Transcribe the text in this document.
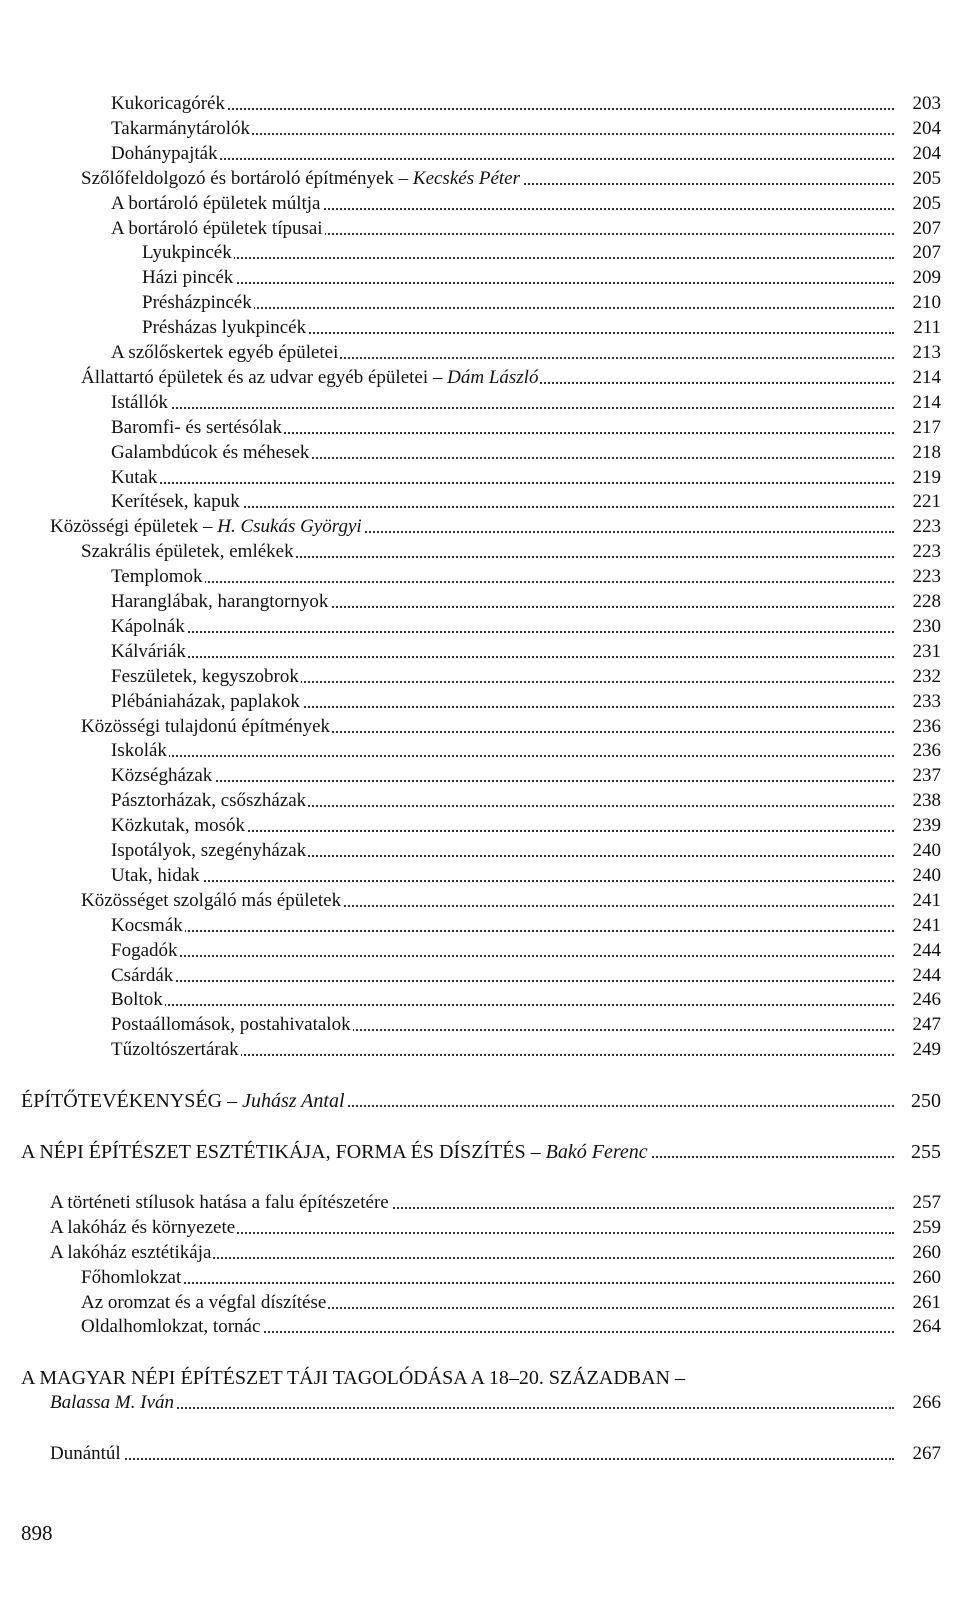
Kukoricagórék	203
Takarmánytárolók	204
Dohánypajták	204
Szőlőfeldolgozó és bortároló építmények – Kecskés Péter	205
A bortároló épületek múltja	205
A bortároló épületek típusai	207
Lyukpincék	207
Házi pincék	209
Présházpincék	210
Présházas lyukpincék	211
A szőlőskertek egyéb épületei	213
Állattartó épületek és az udvar egyéb épületei – Dám László	214
Istállók	214
Baromfi- és sertésólak	217
Galambdúcok és méhesek	218
Kutak	219
Kerítések, kapuk	221
Közösségi épületek – H. Csukás Györgyi	223
Szakrális épületek, emlékek	223
Templomok	223
Haranglábak, harangtornyok	228
Kápolnák	230
Kálváriák	231
Feszületek, kegyszobrok	232
Plébániaházak, paplakok	233
Közösségi tulajdonú építmények	236
Iskolák	236
Községházak	237
Pásztorházak, csőszházak	238
Közkutak, mosók	239
Ispotályok, szegényházak	240
Utak, hidak	240
Közösséget szolgáló más épületek	241
Kocsmák	241
Fogadók	244
Csárdák	244
Boltok	246
Postaállomások, postahivatalok	247
Tűzoltószertárak	249
ÉPÍTŐTEVÉKENYSÉG – Juhász Antal	250
A NÉPI ÉPÍTÉSZET ESZTÉTIKÁJA, FORMA ÉS DÍSZÍTÉS – Bakó Ferenc	255
A történeti stílusok hatása a falu építészetére	257
A lakóház és környezete	259
A lakóház esztétikája	260
Főhomlokzat	260
Az oromzat és a végfal díszítése	261
Oldalhomlokzat, tornác	264
A MAGYAR NÉPI ÉPÍTÉSZET TÁJI TAGOLÓDÁSA A 18–20. SZÁZADBAN –
Balassa M. Iván	266
Dunántúl	267
898
